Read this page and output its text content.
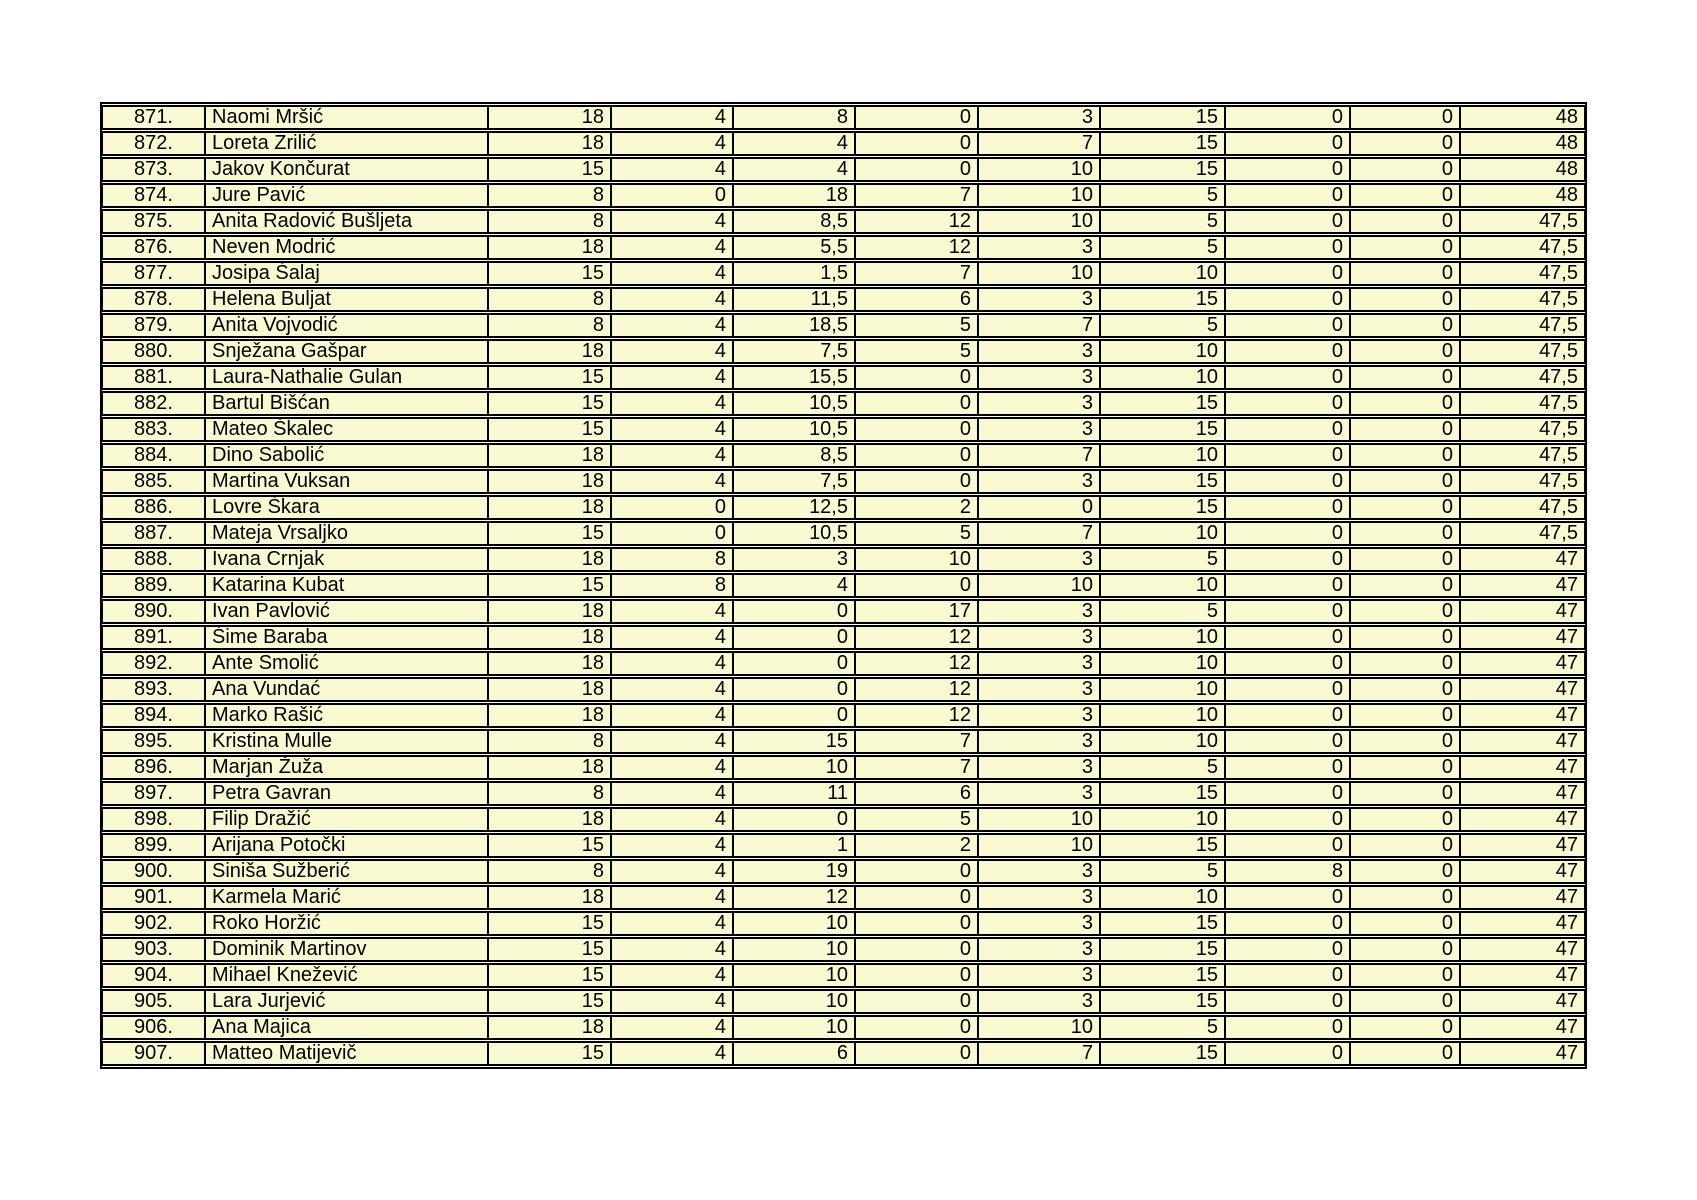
871.	Naomi Mršić	18	4	8	0	3	15	0	0	48
872.	Loreta Zrilić	18	4	4	0	7	15	0	0	48
873.	Jakov Končurat	15	4	4	0	10	15	0	0	48
874.	Jure Pavić	8	0	18	7	10	5	0	0	48
875.	Anita Radović Bušljeta	8	4	8,5	12	10	5	0	0	47,5
876.	Neven Modrić	18	4	5,5	12	3	5	0	0	47,5
877.	Josipa Šalaj	15	4	1,5	7	10	10	0	0	47,5
878.	Helena Buljat	8	4	11,5	6	3	15	0	0	47,5
879.	Anita Vojvodić	8	4	18,5	5	7	5	0	0	47,5
880.	Snježana Gašpar	18	4	7,5	5	3	10	0	0	47,5
881.	Laura-Nathalie Gulan	15	4	15,5	0	3	10	0	0	47,5
882.	Bartul Bišćan	15	4	10,5	0	3	15	0	0	47,5
883.	Mateo Škalec	15	4	10,5	0	3	15	0	0	47,5
884.	Dino Sabolić	18	4	8,5	0	7	10	0	0	47,5
885.	Martina Vuksan	18	4	7,5	0	3	15	0	0	47,5
886.	Lovre Škara	18	0	12,5	2	0	15	0	0	47,5
887.	Mateja Vrsaljko	15	0	10,5	5	7	10	0	0	47,5
888.	Ivana Crnjak	18	8	3	10	3	5	0	0	47
889.	Katarina Kubat	15	8	4	0	10	10	0	0	47
890.	Ivan Pavlović	18	4	0	17	3	5	0	0	47
891.	Šime Baraba	18	4	0	12	3	10	0	0	47
892.	Ante Smolić	18	4	0	12	3	10	0	0	47
893.	Ana Vundać	18	4	0	12	3	10	0	0	47
894.	Marko Rašić	18	4	0	12	3	10	0	0	47
895.	Kristina Mulle	8	4	15	7	3	10	0	0	47
896.	Marjan Žuža	18	4	10	7	3	5	0	0	47
897.	Petra Gavran	8	4	11	6	3	15	0	0	47
898.	Filip Dražić	18	4	0	5	10	10	0	0	47
899.	Arijana Potočki	15	4	1	2	10	15	0	0	47
900.	Siniša Šužberić	8	4	19	0	3	5	8	0	47
901.	Karmela Marić	18	4	12	0	3	10	0	0	47
902.	Roko Horžić	15	4	10	0	3	15	0	0	47
903.	Dominik Martinov	15	4	10	0	3	15	0	0	47
904.	Mihael Knežević	15	4	10	0	3	15	0	0	47
905.	Lara Jurjević	15	4	10	0	3	15	0	0	47
906.	Ana Majica	18	4	10	0	10	5	0	0	47
907.	Matteo Matijevič	15	4	6	0	7	15	0	0	47
